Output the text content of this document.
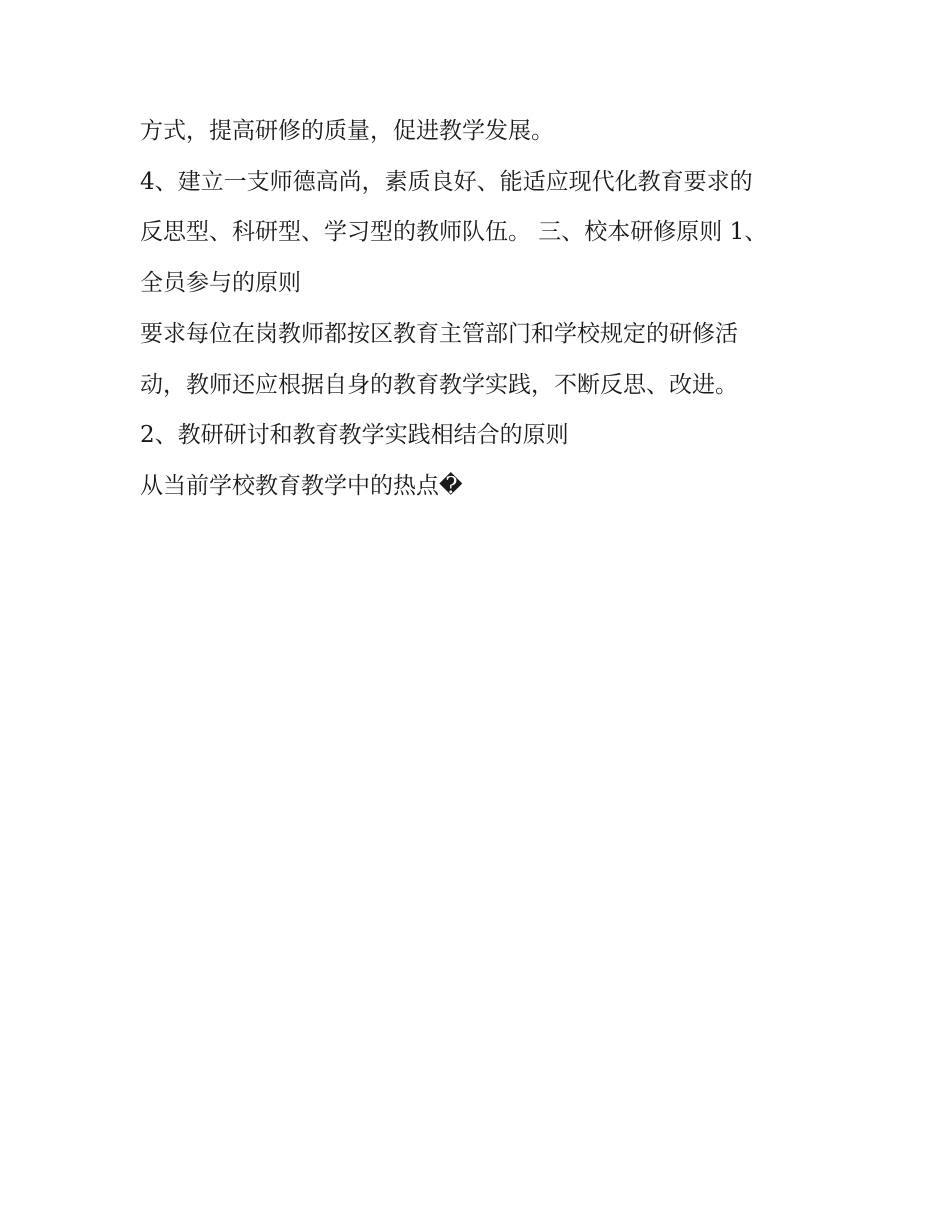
方式，提高研修的质量，促进教学发展。

4、建立一支师德高尚，素质良好、能适应现代化教育要求的

反思型、科研型、学习型的教师队伍。 三、校本研修原则 1、

全员参与的原则

要求每位在岗教师都按区教育主管部门和学校规定的研修活

动，教师还应根据自身的教育教学实践，不断反思、改进。

2、教研研讨和教育教学实践相结合的原则

从当前学校教育教学中的热点�
